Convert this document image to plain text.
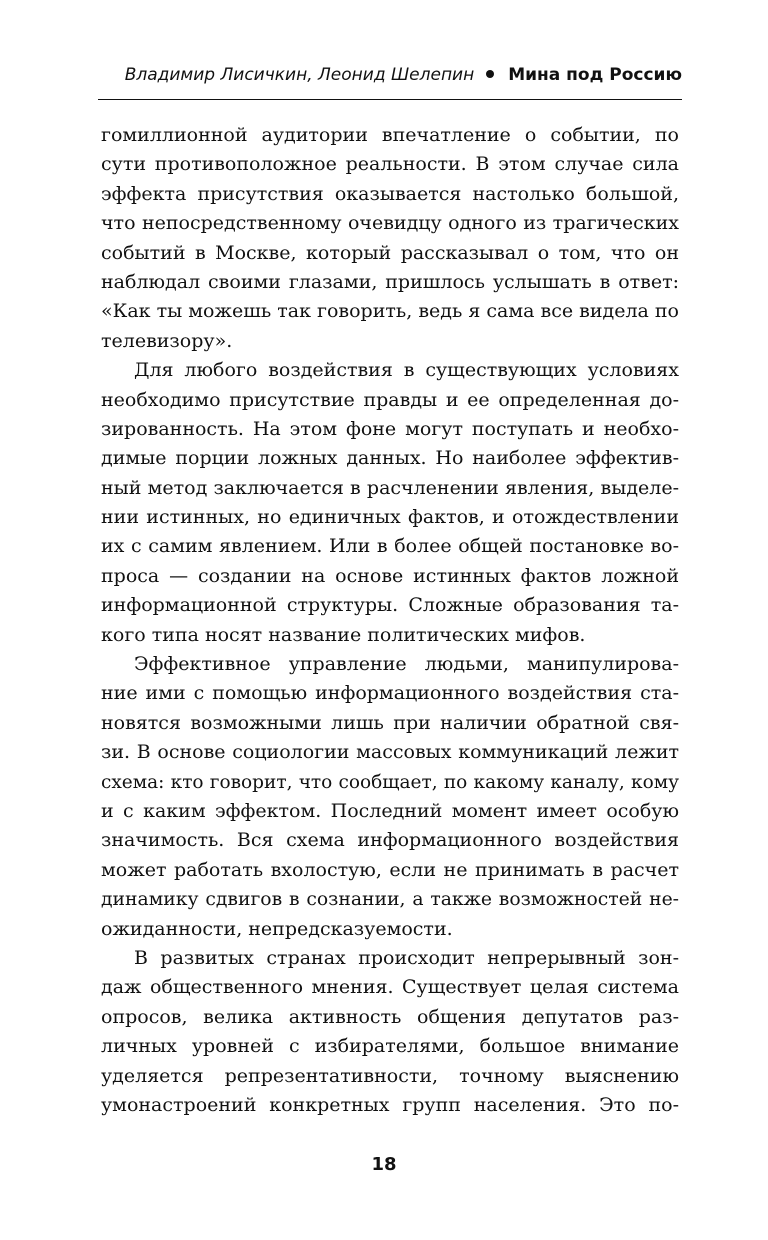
Владимир Лисичкин, Леонид Шелепин Мина под Россию
гомиллионной аудитории впечатление о событии, по
сути противоположное реальности. В этом случае сила
эффекта присутствия оказывается настолько большой,
что непосредственному очевидцу одного из трагических
событий в Москве, который рассказывал о том, что он
наблюдал своими глазами, пришлось услышать в ответ:
«Как ты можешь так говорить, ведь я сама все видела по
телевизору».
Для любого воздействия в существующих условиях
необходимо присутствие правды и ее определенная до-
зированность. На этом фоне могут поступать и необхо-
димые порции ложных данных. Но наиболее эффектив-
ный метод заключается в расчленении явления, выделе-
нии истинных, но единичных фактов, и отождествлении
их с самим явлением. Или в более общей постановке во-
проса — создании на основе истинных фактов ложной
информационной структуры. Сложные образования та-
кого типа носят название политических мифов.
Эффективное управление людьми, манипулирова-
ние ими с помощью информационного воздействия ста-
новятся возможными лишь при наличии обратной свя-
зи. В основе социологии массовых коммуникаций лежит
схема: кто говорит, что сообщает, по какому каналу, кому
и с каким эффектом. Последний момент имеет особую
значимость. Вся схема информационного воздействия
может работать вхолостую, если не принимать в расчет
динамику сдвигов в сознании, а также возможностей не-
ожиданности, непредсказуемости.
В развитых странах происходит непрерывный зон-
даж общественного мнения. Существует целая система
опросов, велика активность общения депутатов раз-
личных уровней с избирателями, большое внимание
уделяется репрезентативности, точному выяснению
умонастроений конкретных групп населения. Это по-
18
